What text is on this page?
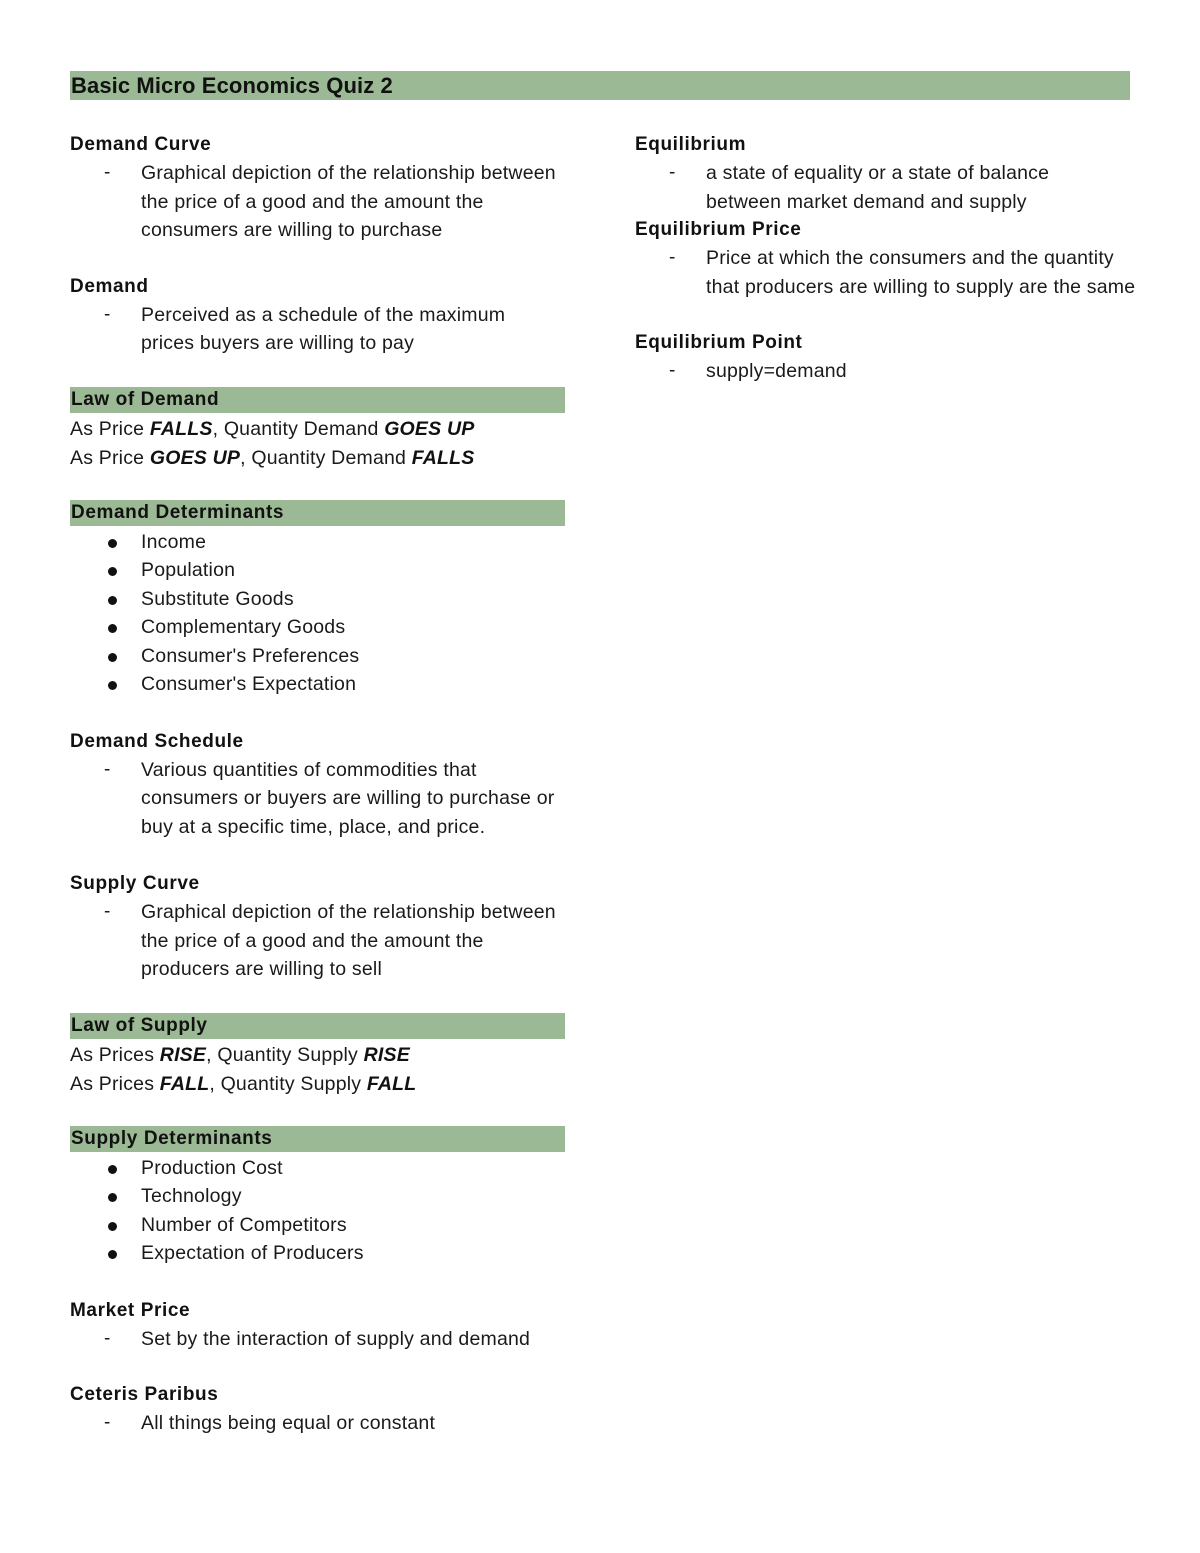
Basic Micro Economics Quiz 2
Demand Curve
- Graphical depiction of the relationship between the price of a good and the amount the consumers are willing to purchase
Demand
- Perceived as a schedule of the maximum prices buyers are willing to pay
Law of Demand
As Price FALLS, Quantity Demand GOES UP
As Price GOES UP, Quantity Demand FALLS
Demand Determinants
Income
Population
Substitute Goods
Complementary Goods
Consumer's Preferences
Consumer's Expectation
Demand Schedule
- Various quantities of commodities that consumers or buyers are willing to purchase or buy at a specific time, place, and price.
Supply Curve
- Graphical depiction of the relationship between the price of a good and the amount the producers are willing to sell
Law of Supply
As Prices RISE, Quantity Supply RISE
As Prices FALL, Quantity Supply FALL
Supply Determinants
Production Cost
Technology
Number of Competitors
Expectation of Producers
Market Price
- Set by the interaction of supply and demand
Ceteris Paribus
- All things being equal or constant
Equilibrium
- a state of equality or a state of balance between market demand and supply
Equilibrium Price
- Price at which the consumers and the quantity that producers are willing to supply are the same
Equilibrium Point
- supply=demand
